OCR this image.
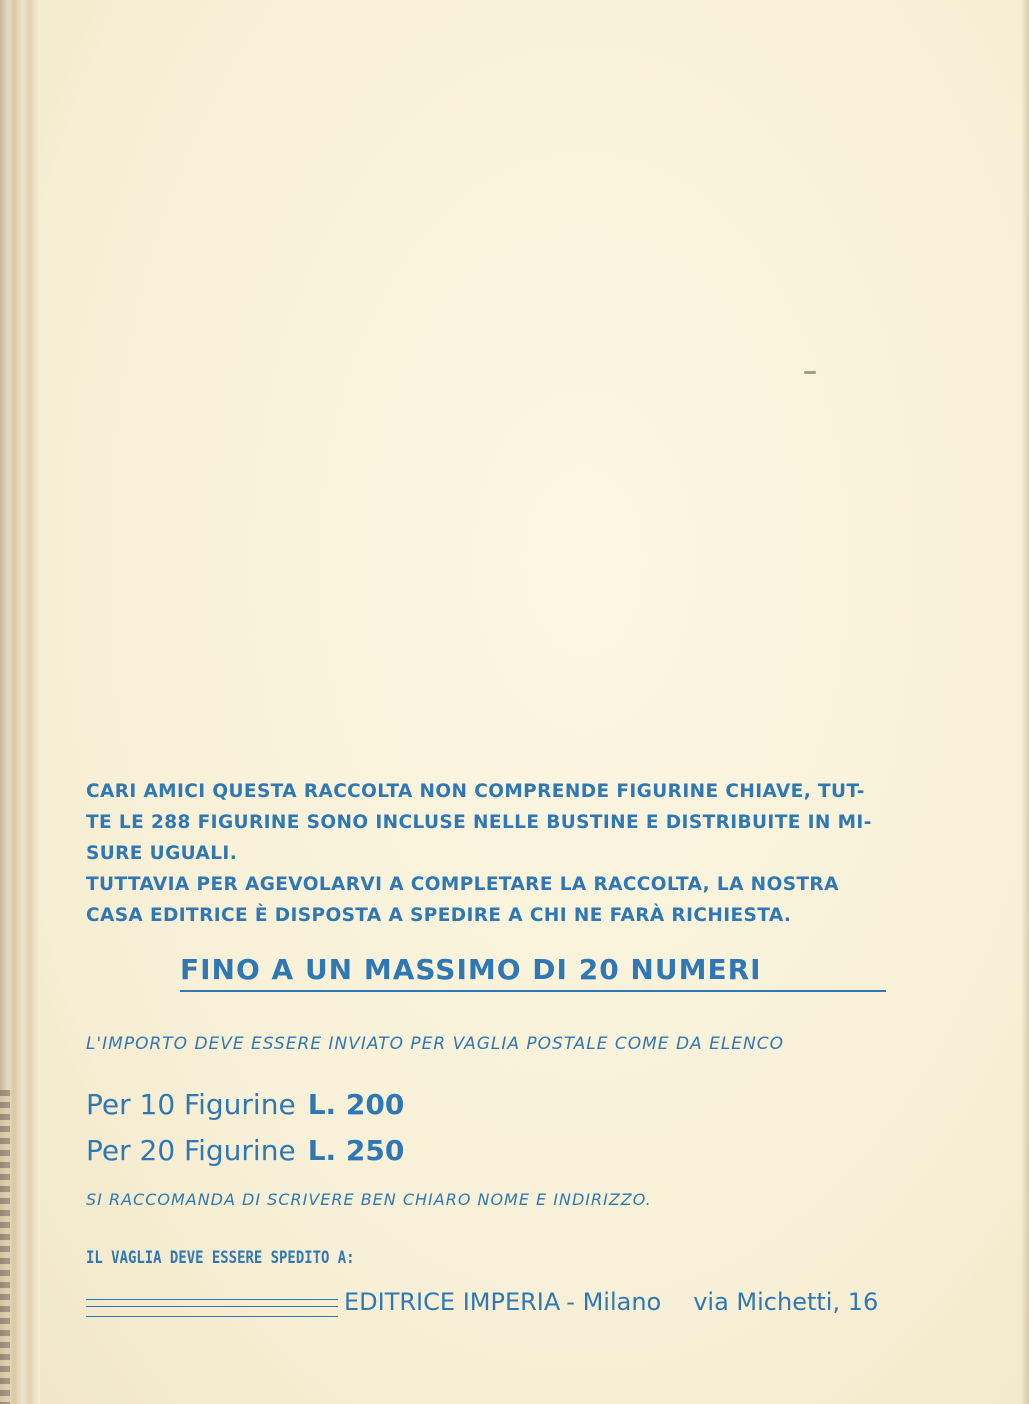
CARI AMICI QUESTA RACCOLTA NON COMPRENDE FIGURINE CHIAVE, TUT-
TE LE 288 FIGURINE SONO INCLUSE NELLE BUSTINE E DISTRIBUITE IN MI-
SURE UGUALI.
TUTTAVIA PER AGEVOLARVI A COMPLETARE LA RACCOLTA, LA NOSTRA
CASA EDITRICE È DISPOSTA A SPEDIRE A CHI NE FARÀ RICHIESTA.

FINO A UN MASSIMO DI 20 NUMERI

L'IMPORTO DEVE ESSERE INVIATO PER VAGLIA POSTALE COME DA ELENCO

Per 10 Figurine L. 200

Per 20 Figurine L. 250

SI RACCOMANDA DI SCRIVERE BEN CHIARO NOME E INDIRIZZO.

IL VAGLIA DEVE ESSERE SPEDITO A:

EDITRICE IMPERIA - Milano via Michetti, 16
